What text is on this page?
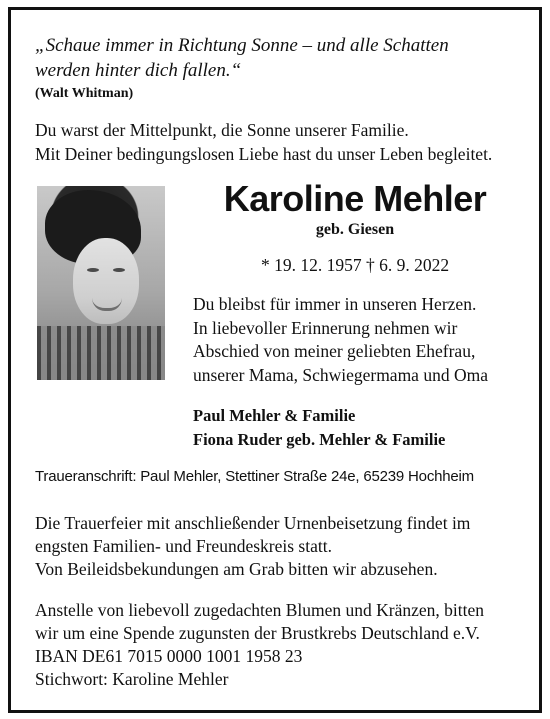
„Schaue immer in Richtung Sonne – und alle Schatten
werden hinter dich fallen.“
(Walt Whitman)
Du warst der Mittelpunkt, die Sonne unserer Familie.
Mit Deiner bedingungslosen Liebe hast du unser Leben begleitet.
Karoline Mehler
geb. Giesen
* 19. 12. 1957 † 6. 9. 2022
Du bleibst für immer in unseren Herzen.
In liebevoller Erinnerung nehmen wir
Abschied von meiner geliebten Ehefrau,
unserer Mama, Schwiegermama und Oma
Paul Mehler & Familie
Fiona Ruder geb. Mehler & Familie
Traueranschrift: Paul Mehler, Stettiner Straße 24e, 65239 Hochheim
Die Trauerfeier mit anschließender Urnenbeisetzung findet im
engsten Familien- und Freundeskreis statt.
Von Beileidsbekundungen am Grab bitten wir abzusehen.
Anstelle von liebevoll zugedachten Blumen und Kränzen, bitten
wir um eine Spende zugunsten der Brustkrebs Deutschland e.V.
IBAN DE61 7015 0000 1001 1958 23
Stichwort: Karoline Mehler
